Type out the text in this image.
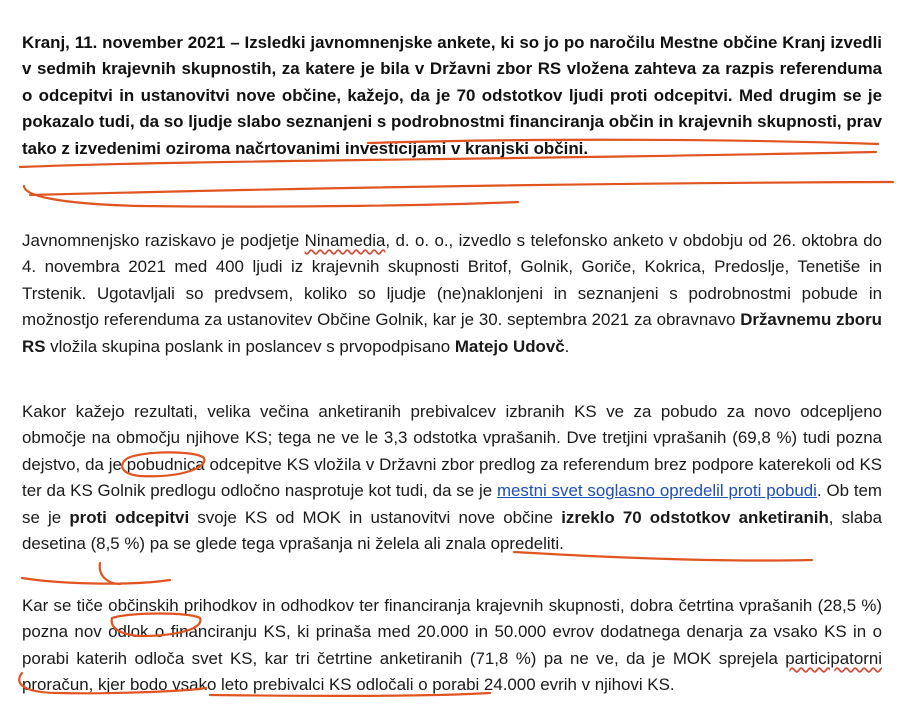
Kranj, 11. november 2021 – Izsledki javnomnenjske ankete, ki so jo po naročilu Mestne občine Kranj izvedli v sedmih krajevnih skupnostih, za katere je bila v Državni zbor RS vložena zahteva za razpis referenduma o odcepitvi in ustanovitvi nove občine, kažejo, da je 70 odstotkov ljudi proti odcepitvi. Med drugim se je pokazalo tudi, da so ljudje slabo seznanjeni s podrobnostmi financiranja občin in krajevnih skupnosti, prav tako z izvedenimi oziroma načrtovanimi investicijami v kranjski občini.

Javnomnenjsko raziskavo je podjetje Ninamedia, d. o. o., izvedlo s telefonsko anketo v obdobju od 26. oktobra do 4. novembra 2021 med 400 ljudi iz krajevnih skupnosti Britof, Golnik, Goriče, Kokrica, Predoslje, Tenetiše in Trstenik. Ugotavljali so predvsem, koliko so ljudje (ne)naklonjeni in seznanjeni s podrobnostmi pobude in možnostjo referenduma za ustanovitev Občine Golnik, kar je 30. septembra 2021 za obravnavo Državnemu zboru RS vložila skupina poslank in poslancev s prvopodpisano Matejo Udovč.

Kakor kažejo rezultati, velika večina anketiranih prebivalcev izbranih KS ve za pobudo za novo odcepljeno območje na območju njihove KS; tega ne ve le 3,3 odstotka vprašanih. Dve tretjini vprašanih (69,8 %) tudi pozna dejstvo, da je pobudnica odcepitve KS vložila v Državni zbor predlog za referendum brez podpore katerekoli od KS ter da KS Golnik predlogu odločno nasprotuje kot tudi, da se je mestni svet soglasno opredelil proti pobudi. Ob tem se je proti odcepitvi svoje KS od MOK in ustanovitvi nove občine izreklo 70 odstotkov anketiranih, slaba desetina (8,5 %) pa se glede tega vprašanja ni želela ali znala opredeliti.

Kar se tiče občinskih prihodkov in odhodkov ter financiranja krajevnih skupnosti, dobra četrtina vprašanih (28,5 %) pozna nov odlok o financiranju KS, ki prinaša med 20.000 in 50.000 evrov dodatnega denarja za vsako KS in o porabi katerih odloča svet KS, kar tri četrtine anketiranih (71,8 %) pa ne ve, da je MOK sprejela participatorni proračun, kjer bodo vsako leto prebivalci KS odločali o porabi 24.000 evrih v njihovi KS.
